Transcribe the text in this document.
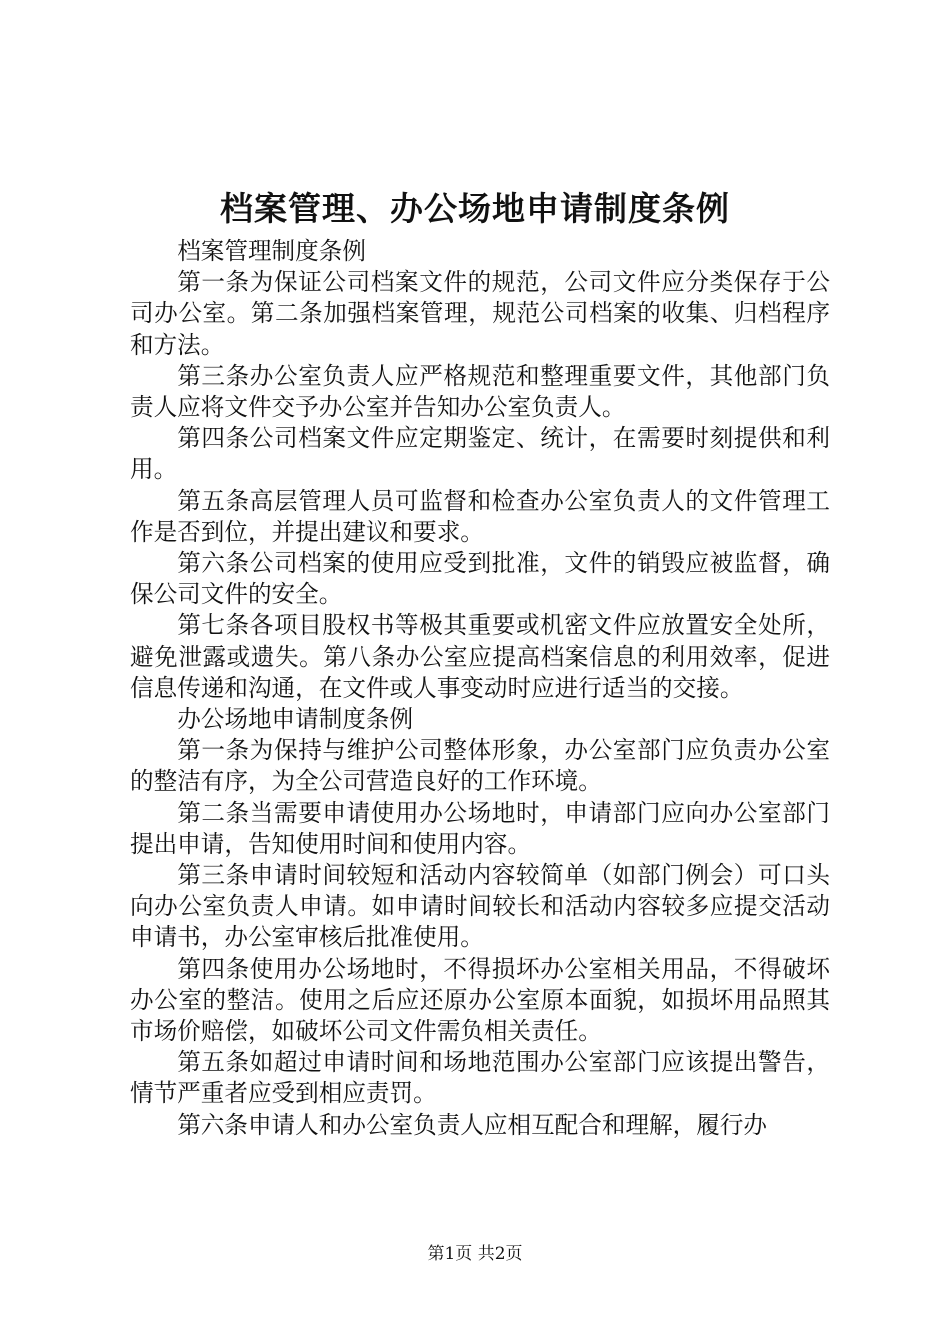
档案管理、办公场地申请制度条例

档案管理制度条例

第一条为保证公司档案文件的规范，公司文件应分类保存于公司办公室。第二条加强档案管理，规范公司档案的收集、归档程序和方法。

第三条办公室负责人应严格规范和整理重要文件，其他部门负责人应将文件交予办公室并告知办公室负责人。

第四条公司档案文件应定期鉴定、统计，在需要时刻提供和利用。

第五条高层管理人员可监督和检查办公室负责人的文件管理工作是否到位，并提出建议和要求。

第六条公司档案的使用应受到批准，文件的销毁应被监督，确保公司文件的安全。

第七条各项目股权书等极其重要或机密文件应放置安全处所，避免泄露或遗失。第八条办公室应提高档案信息的利用效率，促进信息传递和沟通，在文件或人事变动时应进行适当的交接。

办公场地申请制度条例

第一条为保持与维护公司整体形象，办公室部门应负责办公室的整洁有序，为全公司营造良好的工作环境。

第二条当需要申请使用办公场地时，申请部门应向办公室部门提出申请，告知使用时间和使用内容。

第三条申请时间较短和活动内容较简单（如部门例会）可口头向办公室负责人申请。如申请时间较长和活动内容较多应提交活动申请书，办公室审核后批准使用。

第四条使用办公场地时，不得损坏办公室相关用品，不得破坏办公室的整洁。使用之后应还原办公室原本面貌，如损坏用品照其市场价赔偿，如破坏公司文件需负相关责任。

第五条如超过申请时间和场地范围办公室部门应该提出警告，情节严重者应受到相应责罚。

第六条申请人和办公室负责人应相互配合和理解，履行办

第1页 共2页
